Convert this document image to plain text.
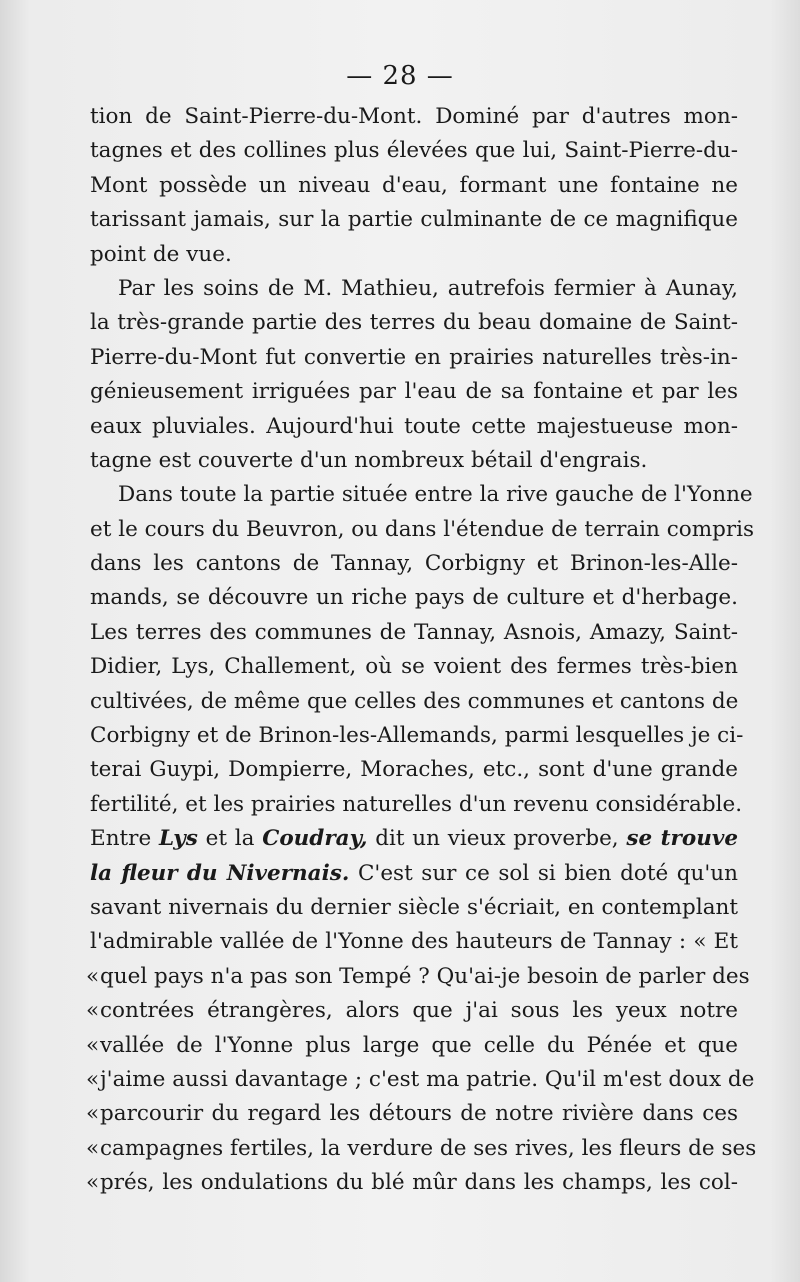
— 28 —
tion de Saint-Pierre-du-Mont. Dominé par d'autres mon-
tagnes et des collines plus élevées que lui, Saint-Pierre-du-
Mont possède un niveau d'eau, formant une fontaine ne
tarissant jamais, sur la partie culminante de ce magnifique
point de vue.
Par les soins de M. Mathieu, autrefois fermier à Aunay,
la très-grande partie des terres du beau domaine de Saint-
Pierre-du-Mont fut convertie en prairies naturelles très-in-
génieusement irriguées par l'eau de sa fontaine et par les
eaux pluviales. Aujourd'hui toute cette majestueuse mon-
tagne est couverte d'un nombreux bétail d'engrais.
Dans toute la partie située entre la rive gauche de l'Yonne
et le cours du Beuvron, ou dans l'étendue de terrain compris
dans les cantons de Tannay, Corbigny et Brinon-les-Alle-
mands, se découvre un riche pays de culture et d'herbage.
Les terres des communes de Tannay, Asnois, Amazy, Saint-
Didier, Lys, Challement, où se voient des fermes très-bien
cultivées, de même que celles des communes et cantons de
Corbigny et de Brinon-les-Allemands, parmi lesquelles je ci-
terai Guypi, Dompierre, Moraches, etc., sont d'une grande
fertilité, et les prairies naturelles d'un revenu considérable.
Entre Lys et la Coudray, dit un vieux proverbe, se trouve
la fleur du Nivernais. C'est sur ce sol si bien doté qu'un
savant nivernais du dernier siècle s'écriait, en contemplant
l'admirable vallée de l'Yonne des hauteurs de Tannay : « Et
«quel pays n'a pas son Tempé ? Qu'ai-je besoin de parler des
«contrées étrangères, alors que j'ai sous les yeux notre
«vallée de l'Yonne plus large que celle du Pénée et que
«j'aime aussi davantage ; c'est ma patrie. Qu'il m'est doux de
«parcourir du regard les détours de notre rivière dans ces
«campagnes fertiles, la verdure de ses rives, les fleurs de ses
«prés, les ondulations du blé mûr dans les champs, les col-
